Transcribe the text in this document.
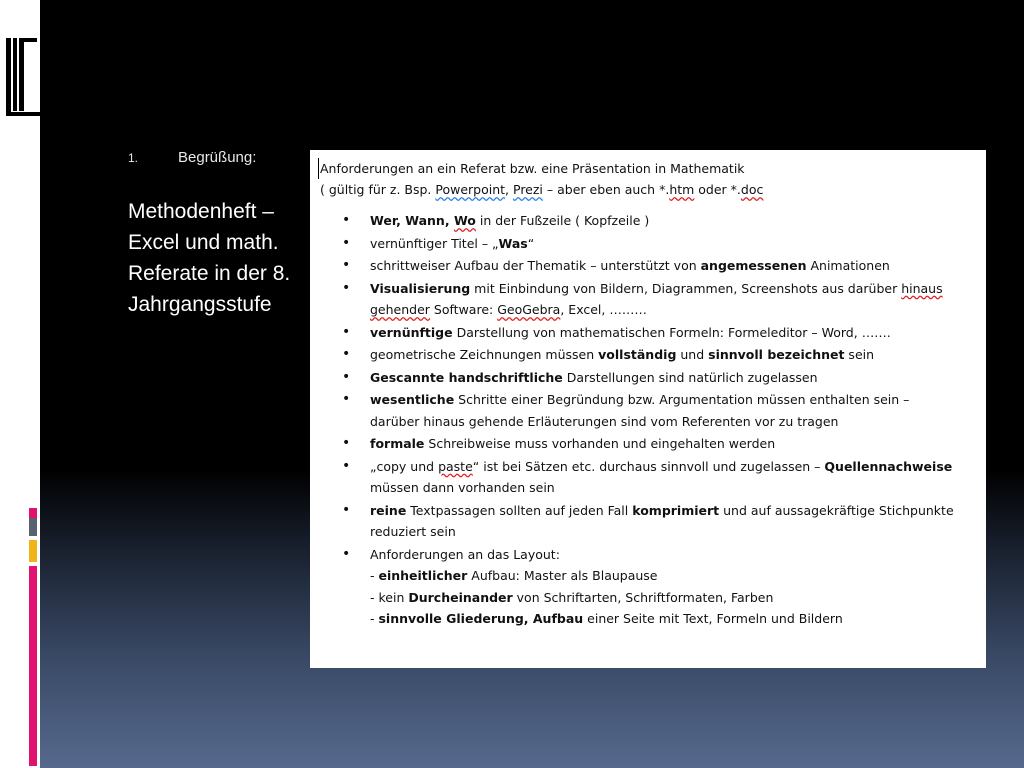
1.	Begrüßung:
Methodenheft – Excel und math. Referate in der 8. Jahrgangsstufe
Anforderungen an ein Referat bzw. eine Präsentation in Mathematik
( gültig für z. Bsp. Powerpoint, Prezi – aber eben auch *.htm oder *.doc
• Wer, Wann, Wo in der Fußzeile ( Kopfzeile )
• vernünftiger Titel – „Was“
• schrittweiser Aufbau der Thematik – unterstützt von angemessenen Animationen
• Visualisierung mit Einbindung von Bildern, Diagrammen, Screenshots aus darüber hinaus
gehender Software: GeoGebra, Excel, ………
• vernünftige Darstellung von mathematischen Formeln: Formeleditor – Word, …….
• geometrische Zeichnungen müssen vollständig und sinnvoll bezeichnet sein
• Gescannte handschriftliche Darstellungen sind natürlich zugelassen
• wesentliche Schritte einer Begründung bzw. Argumentation müssen enthalten sein –
darüber hinaus gehende Erläuterungen sind vom Referenten vor zu tragen
• formale Schreibweise muss vorhanden und eingehalten werden
• „copy und paste“ ist bei Sätzen etc. durchaus sinnvoll und zugelassen – Quellennachweise
müssen dann vorhanden sein
• reine Textpassagen sollten auf jeden Fall komprimiert und auf aussagekräftige Stichpunkte
reduziert sein
• Anforderungen an das Layout:
- einheitlicher Aufbau: Master als Blaupause
- kein Durcheinander von Schriftarten, Schriftformaten, Farben
- sinnvolle Gliederung, Aufbau einer Seite mit Text, Formeln und Bildern
